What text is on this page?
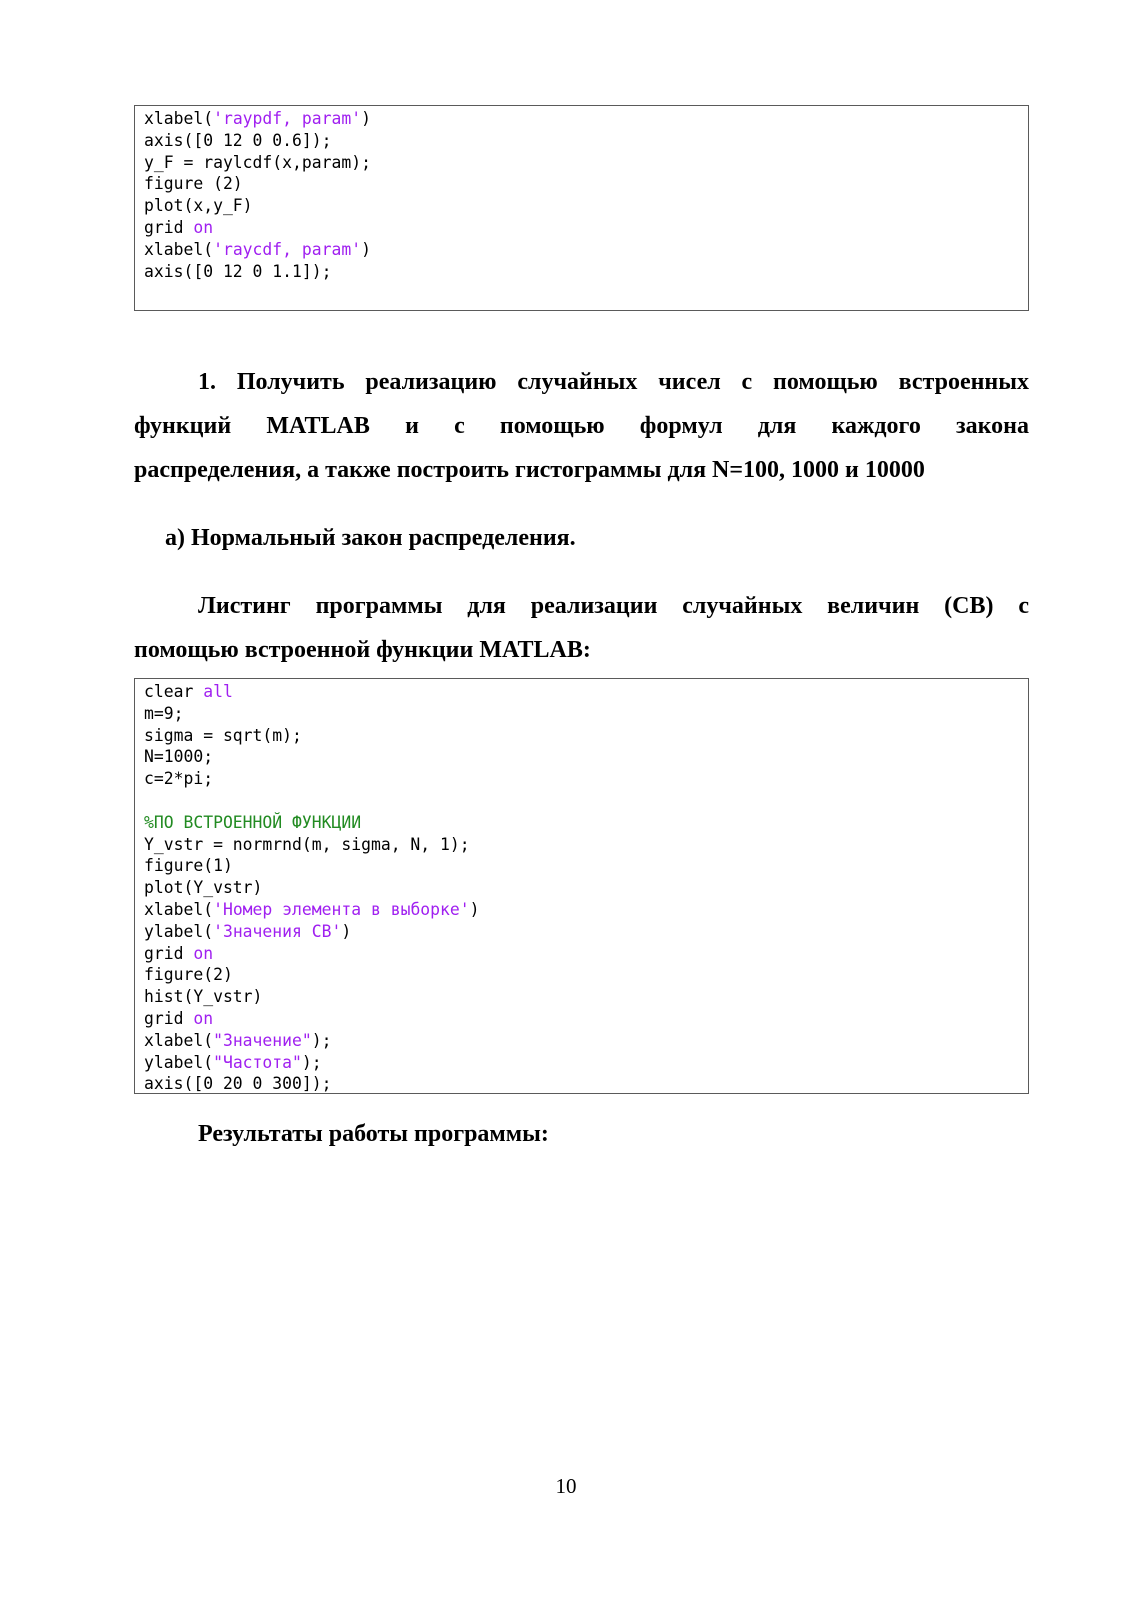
xlabel('raypdf, param')
axis([0 12 0 0.6]);
y_F = raylcdf(x,param);
figure (2)
plot(x,y_F)
grid on
xlabel('raycdf, param')
axis([0 12 0 1.1]);
1. Получить реализацию случайных чисел с помощью встроенных
функций MATLAB и с помощью формул для каждого закона
распределения, а также построить гистограммы для N=100, 1000 и 10000
а) Нормальный закон распределения.
Листинг программы для реализации случайных величин (СВ) с
помощью встроенной функции MATLAB:
clear all
m=9;
sigma = sqrt(m);
N=1000;
c=2*pi;

%ПО ВСТРОЕННОЙ ФУНКЦИИ
Y_vstr = normrnd(m, sigma, N, 1);
figure(1)
plot(Y_vstr)
xlabel('Номер элемента в выборке')
ylabel('Значения СВ')
grid on
figure(2)
hist(Y_vstr)
grid on
xlabel("Значение");
ylabel("Частота");
axis([0 20 0 300]);
Результаты работы программы:
10
